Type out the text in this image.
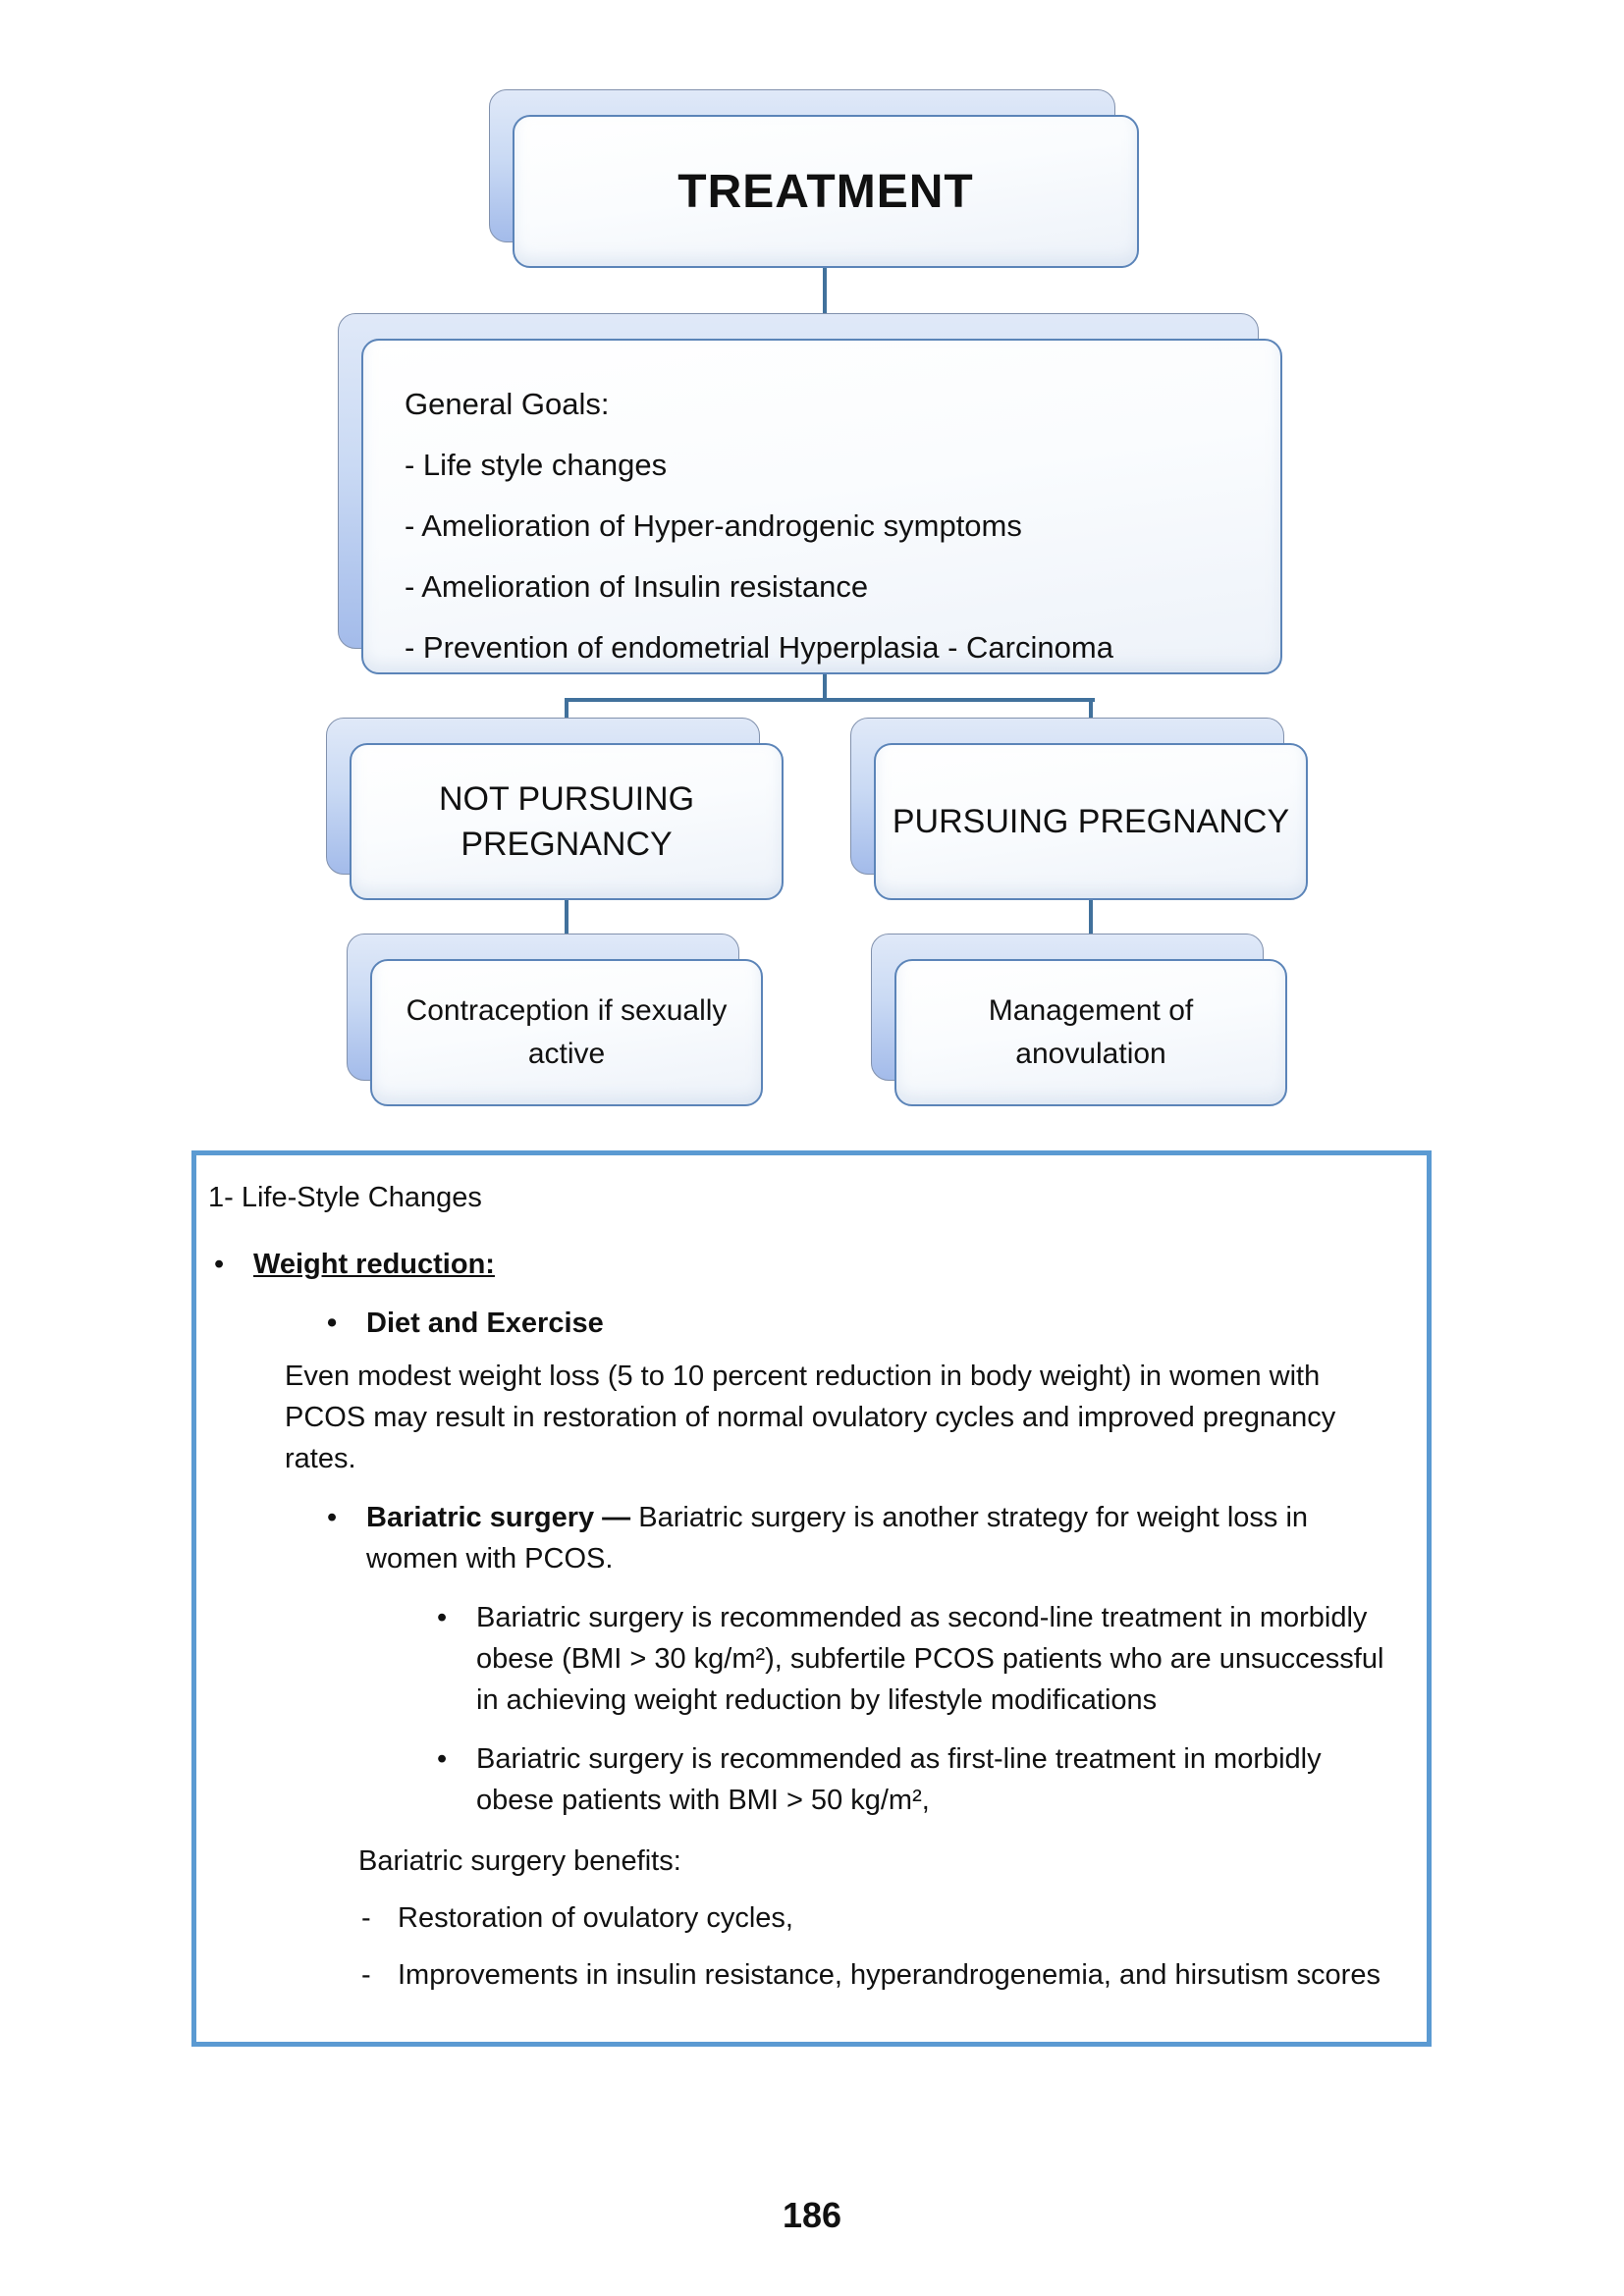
TREATMENT
General Goals:
- Life style changes
- Amelioration of Hyper-androgenic symptoms
- Amelioration of Insulin resistance
- Prevention of endometrial Hyperplasia - Carcinoma
NOT PURSUING PREGNANCY
PURSUING PREGNANCY
Contraception if sexually active
Management of anovulation
1- Life-Style Changes
• Weight reduction:
• Diet and Exercise
Even modest weight loss (5 to 10 percent reduction in body weight) in women with PCOS may result in restoration of normal ovulatory cycles and improved pregnancy rates.
• Bariatric surgery — Bariatric surgery is another strategy for weight loss in women with PCOS.
• Bariatric surgery is recommended as second-line treatment in morbidly obese (BMI > 30 kg/m²), subfertile PCOS patients who are unsuccessful in achieving weight reduction by lifestyle modifications
• Bariatric surgery is recommended as first-line treatment in morbidly obese patients with BMI > 50 kg/m²,
Bariatric surgery benefits:
- Restoration of ovulatory cycles,
- Improvements in insulin resistance, hyperandrogenemia, and hirsutism scores
186
